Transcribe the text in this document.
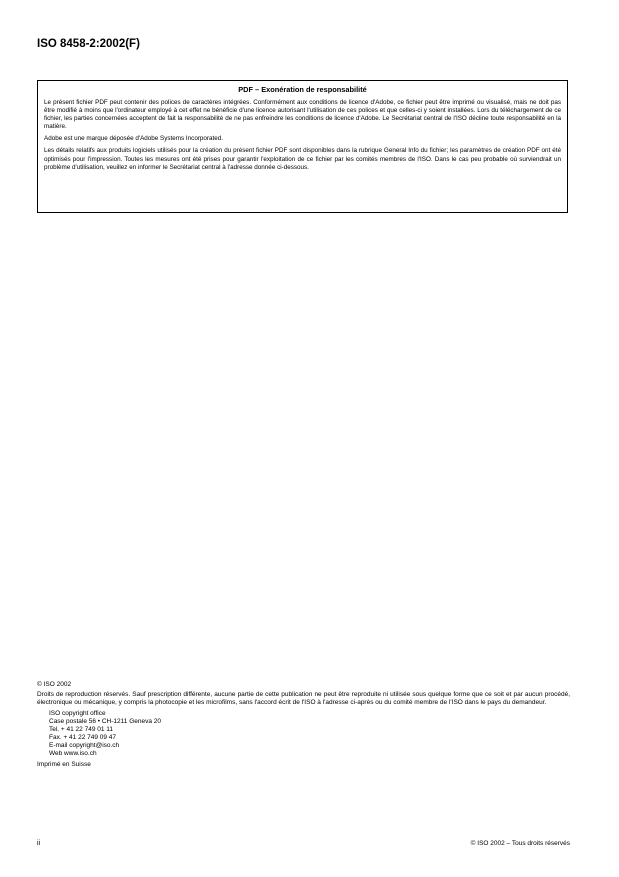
ISO 8458-2:2002(F)
PDF – Exonération de responsabilité

Le présent fichier PDF peut contenir des polices de caractères intégrées. Conformément aux conditions de licence d'Adobe, ce fichier peut être imprimé ou visualisé, mais ne doit pas être modifié à moins que l'ordinateur employé à cet effet ne bénéficie d'une licence autorisant l'utilisation de ces polices et que celles-ci y soient installées. Lors du téléchargement de ce fichier, les parties concernées acceptent de fait la responsabilité de ne pas enfreindre les conditions de licence d'Adobe. Le Secrétariat central de l'ISO décline toute responsabilité en la matière.

Adobe est une marque déposée d'Adobe Systems Incorporated.

Les détails relatifs aux produits logiciels utilisés pour la création du présent fichier PDF sont disponibles dans la rubrique General Info du fichier; les paramètres de création PDF ont été optimisés pour l'impression. Toutes les mesures ont été prises pour garantir l'exploitation de ce fichier par les comités membres de l'ISO. Dans le cas peu probable où surviendrait un problème d'utilisation, veuillez en informer le Secrétariat central à l'adresse donnée ci-dessous.

© ISO 2002

Droits de reproduction réservés. Sauf prescription différente, aucune partie de cette publication ne peut être reproduite ni utilisée sous quelque forme que ce soit et par aucun procédé, électronique ou mécanique, y compris la photocopie et les microfilms, sans l'accord écrit de l'ISO à l'adresse ci-après ou du comité membre de l'ISO dans le pays du demandeur.

ISO copyright office
Case postale 56 • CH-1211 Geneva 20
Tel. + 41 22 749 01 11
Fax. + 41 22 749 09 47
E-mail copyright@iso.ch
Web www.iso.ch

Imprimé en Suisse

ii	© ISO 2002 – Tous droits réservés
